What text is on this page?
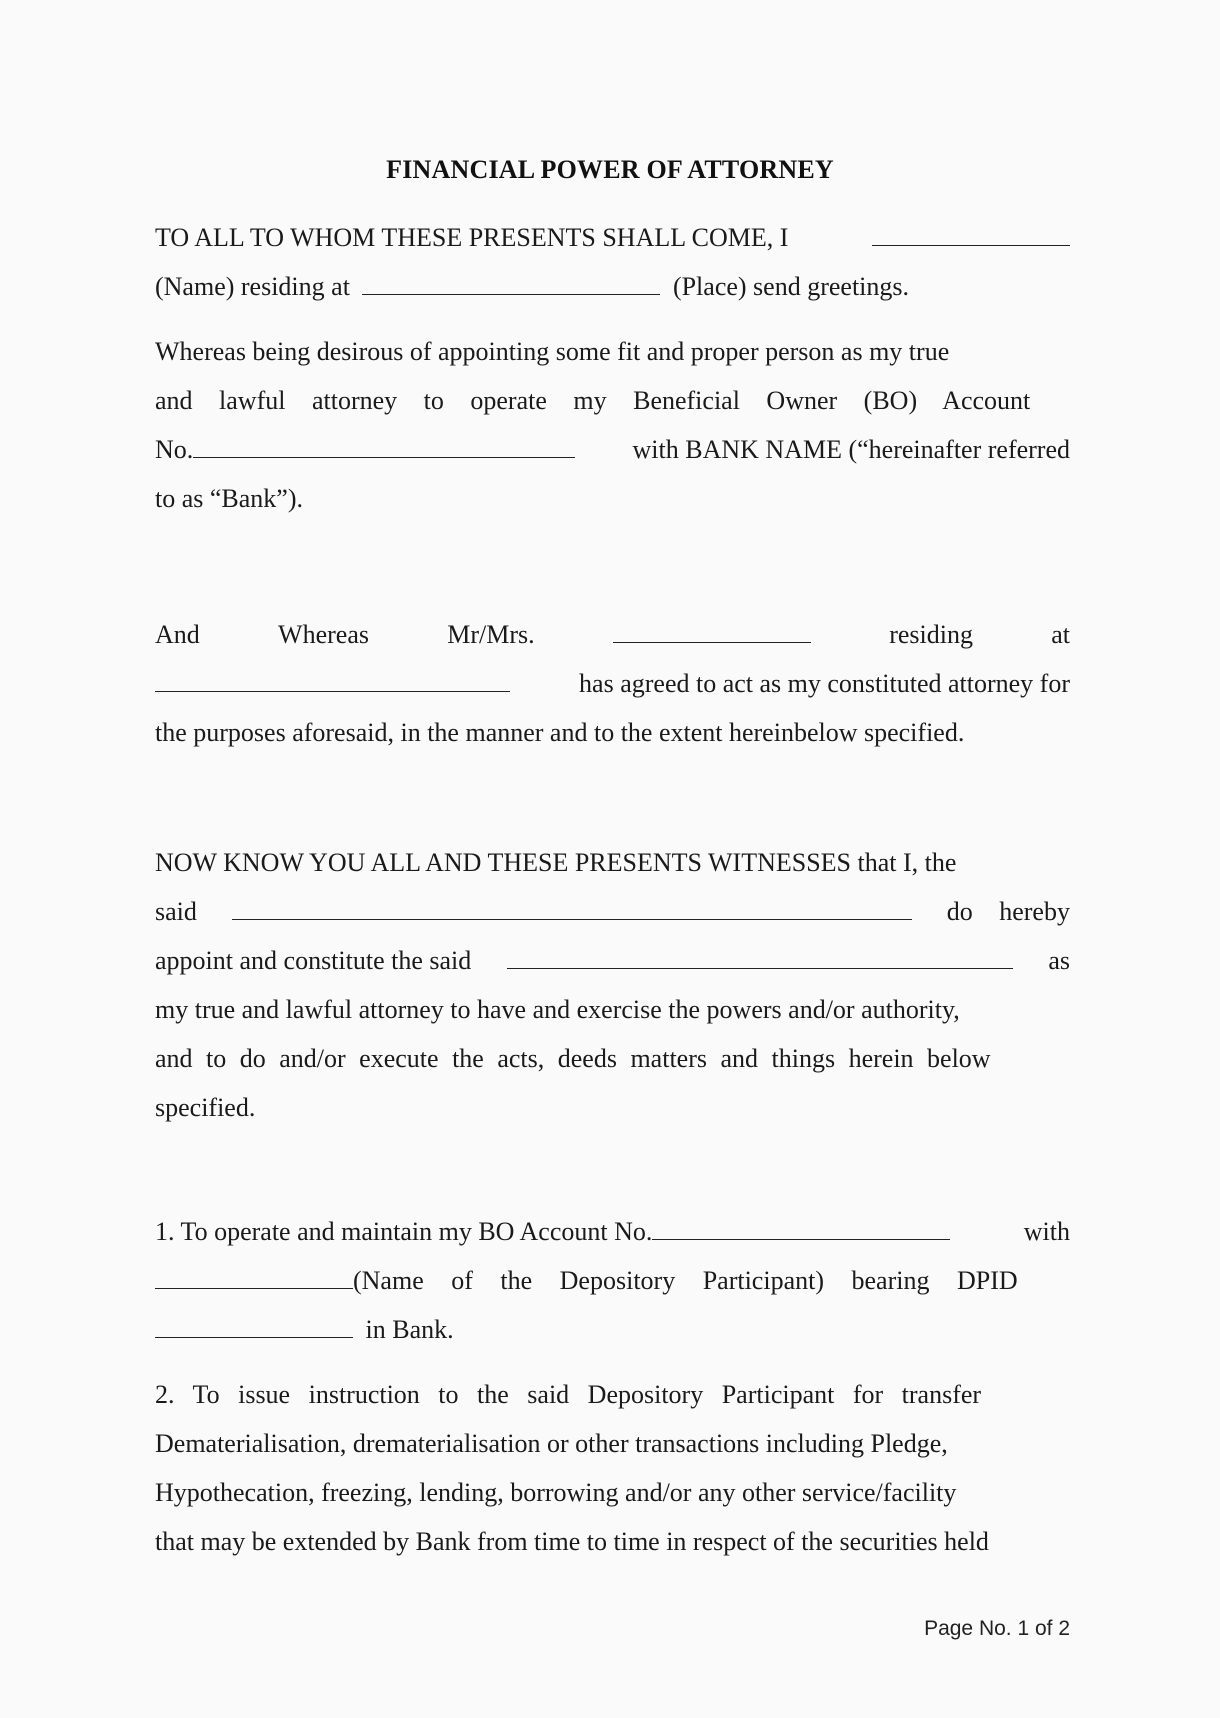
FINANCIAL POWER OF ATTORNEY
TO ALL TO WHOM THESE PRESENTS SHALL COME, I
(Name) residing at	(Place) send greetings.
Whereas being desirous of appointing some fit and proper person as my true
and lawful attorney to operate my Beneficial Owner (BO) Account
No.	with BANK NAME (“hereinafter referred
to as “Bank”).
And	Whereas	Mr/Mrs.	residing	at
has agreed to act as my constituted attorney for
the purposes aforesaid, in the manner and to the extent hereinbelow specified.
NOW KNOW YOU ALL AND THESE PRESENTS WITNESSES that I, the
said	do hereby
appoint and constitute the said	as
my true and lawful attorney to have and exercise the powers and/or authority,
and to do and/or execute the acts, deeds matters and things herein below
specified.
1. To operate and maintain my BO Account No.	with
(Name of the Depository Participant) bearing DPID
in Bank.
2. To issue instruction to the said Depository Participant for transfer
Dematerialisation, drematerialisation or other transactions including Pledge,
Hypothecation, freezing, lending, borrowing and/or any other service/facility
that may be extended by Bank from time to time in respect of the securities held
Page No. 1 of 2
